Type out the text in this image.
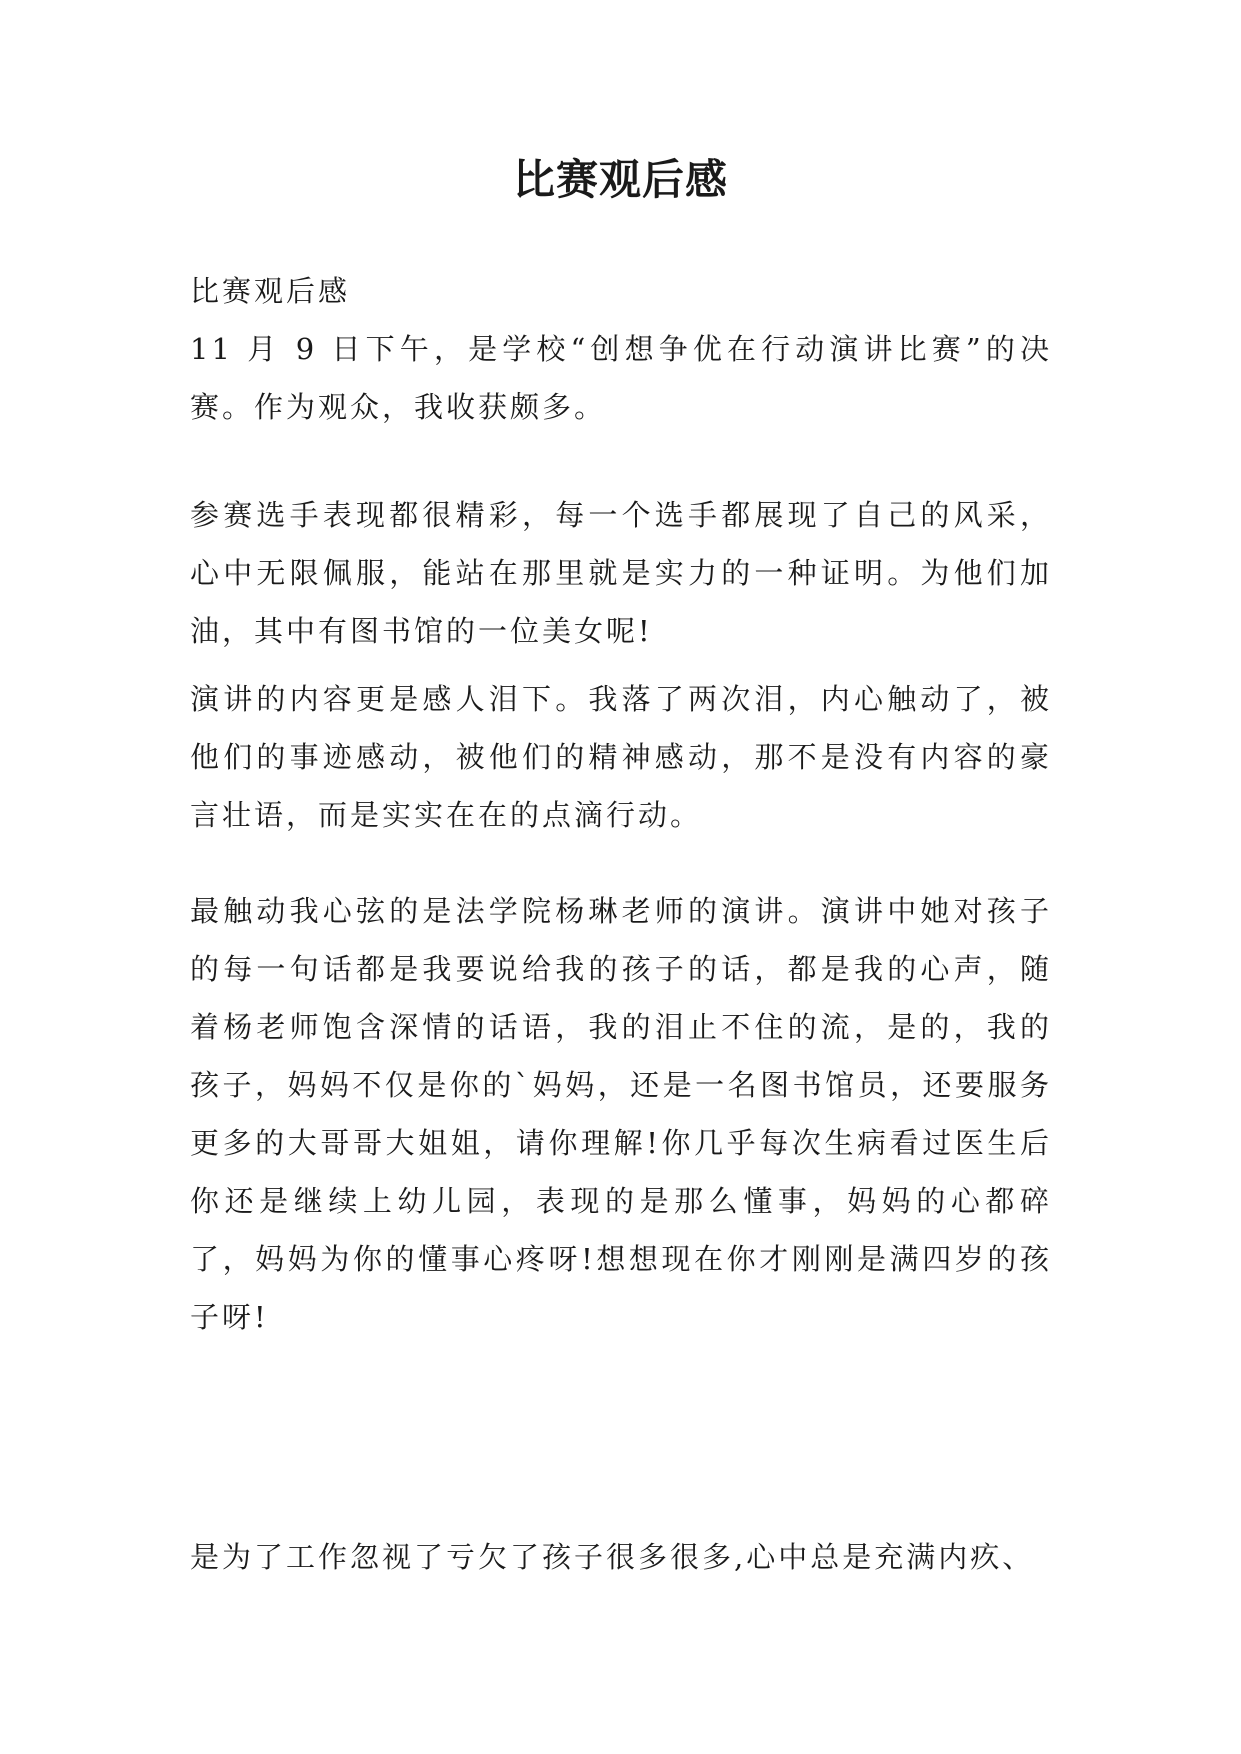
比赛观后感

比赛观后感

11 月 9 日下午，是学校“创想争优在行动演讲比赛”的决赛。作为观众，我收获颇多。

参赛选手表现都很精彩，每一个选手都展现了自己的风采，心中无限佩服，能站在那里就是实力的一种证明。为他们加油，其中有图书馆的一位美女呢!

演讲的内容更是感人泪下。我落了两次泪，内心触动了，被他们的事迹感动，被他们的精神感动，那不是没有内容的豪言壮语，而是实实在在的点滴行动。

最触动我心弦的是法学院杨琳老师的演讲。演讲中她对孩子的每一句话都是我要说给我的孩子的话，都是我的心声，随着杨老师饱含深情的话语，我的泪止不住的流，是的，我的孩子，妈妈不仅是你的`妈妈，还是一名图书馆员，还要服务更多的大哥哥大姐姐，请你理解!你几乎每次生病看过医生后你还是继续上幼儿园，表现的是那么懂事，妈妈的心都碎了，妈妈为你的懂事心疼呀!想想现在你才刚刚是满四岁的孩子呀!

是为了工作忽视了亏欠了孩子很多很多,心中总是充满内疚、
